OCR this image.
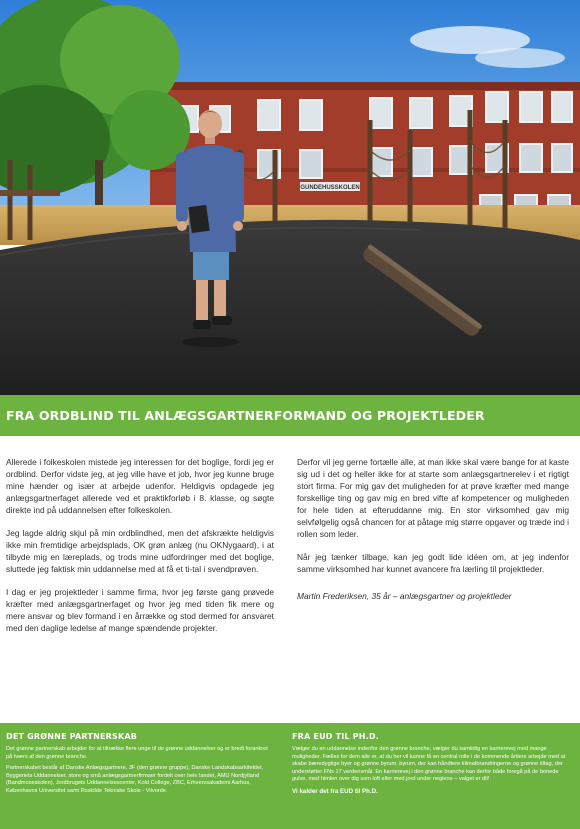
GUNDEHUSSKOLEN
FRA ORDBLIND TIL ANLÆGSGARTNERFORMAND OG PROJEKTLEDER

Allerede i folkeskolen mistede jeg interessen for det boglige, fordi jeg er ordblind. Derfor vidste jeg, at jeg ville have et job, hvor jeg kunne bruge mine hænder og især at arbejde udenfor. Heldigvis opdagede jeg anlægsgartnerfaget allerede ved et praktikforløb i 8. klasse, og søgte direkte ind på uddannelsen efter folkeskolen.

Jeg lagde aldrig skjul på min ordblindhed, men det afskrækte heldigvis ikke min fremtidige arbejdsplads, OK grøn anlæg (nu OKNygaard), i at tilbyde mig en læreplads, og trods mine udfordringer med det boglige, sluttede jeg faktisk min uddannelse med at få et ti-tal i svendprøven.

I dag er jeg projektleder i samme firma, hvor jeg første gang prøvede kræfter med anlægsgartnerfaget og hvor jeg med tiden fik mere og mere ansvar og blev formand i en årrække og stod dermed for ansvaret med den daglige ledelse af mange spændende projekter.

Derfor vil jeg gerne fortælle alle, at man ikke skal være bange for at kaste sig ud i det og heller ikke for at starte som anlægsgartnerelev i et rigtigt stort firma. For mig gav det muligheden for at prøve kræfter med mange forskellige ting og gav mig en bred vifte af kompetencer og muligheden for hele tiden at efteruddanne mig. En stor virksomhed gav mig selvfølgelig også chancen for at påtage mig større opgaver og træde ind i rollen som leder.

Når jeg tænker tilbage, kan jeg godt lide idéen om, at jeg indenfor samme virksomhed har kunnet avancere fra lærling til projektleder.

Martin Frederiksen, 35 år – anlægsgartner og projektleder

DET GRØNNE PARTNERSKAB

Det grønne partnerskab arbejder for at tiltrække flere unge til de grønne uddannelser og er bredt forankret på tværs af den grønne branche.

Partnerskabet består af Danske Anlægsgartnere, 3F (den grønne gruppe), Danske Landskabsarkitekter, Byggeriets Uddannelser, store og små anlægsgartnerfirmaer fordelt over hele landet, AMU Nordjylland (Bandmoseskolen), Jordbrugets Uddannelsescenter, Kold College, ZBC, Erhvervsakademi Aarhus, Københavns Universitet samt Roskilde Tekniske Skole - Vilvorde.

FRA EUD TIL PH.D.

Vælger du en uddannelse indenfor den grønne branche, vælger du samtidig en karrierevej med mange muligheder. Fælles for dem alle er, at du her vil kunne få en central rolle i de kommende årtiers arbejde med at skabe bæredygtige byer og grønne byrum, byrum, der kan håndtere klimaforandringerne og grønne tiltag, der understøtter FNs 17 verdensmål. En karrierevej i den grønne branche kan derfor både foregå på de bonede gulve, med himlen over dig som loft eller med jord under neglene – valget er dit!

Vi kalder det fra EUD til Ph.D.
